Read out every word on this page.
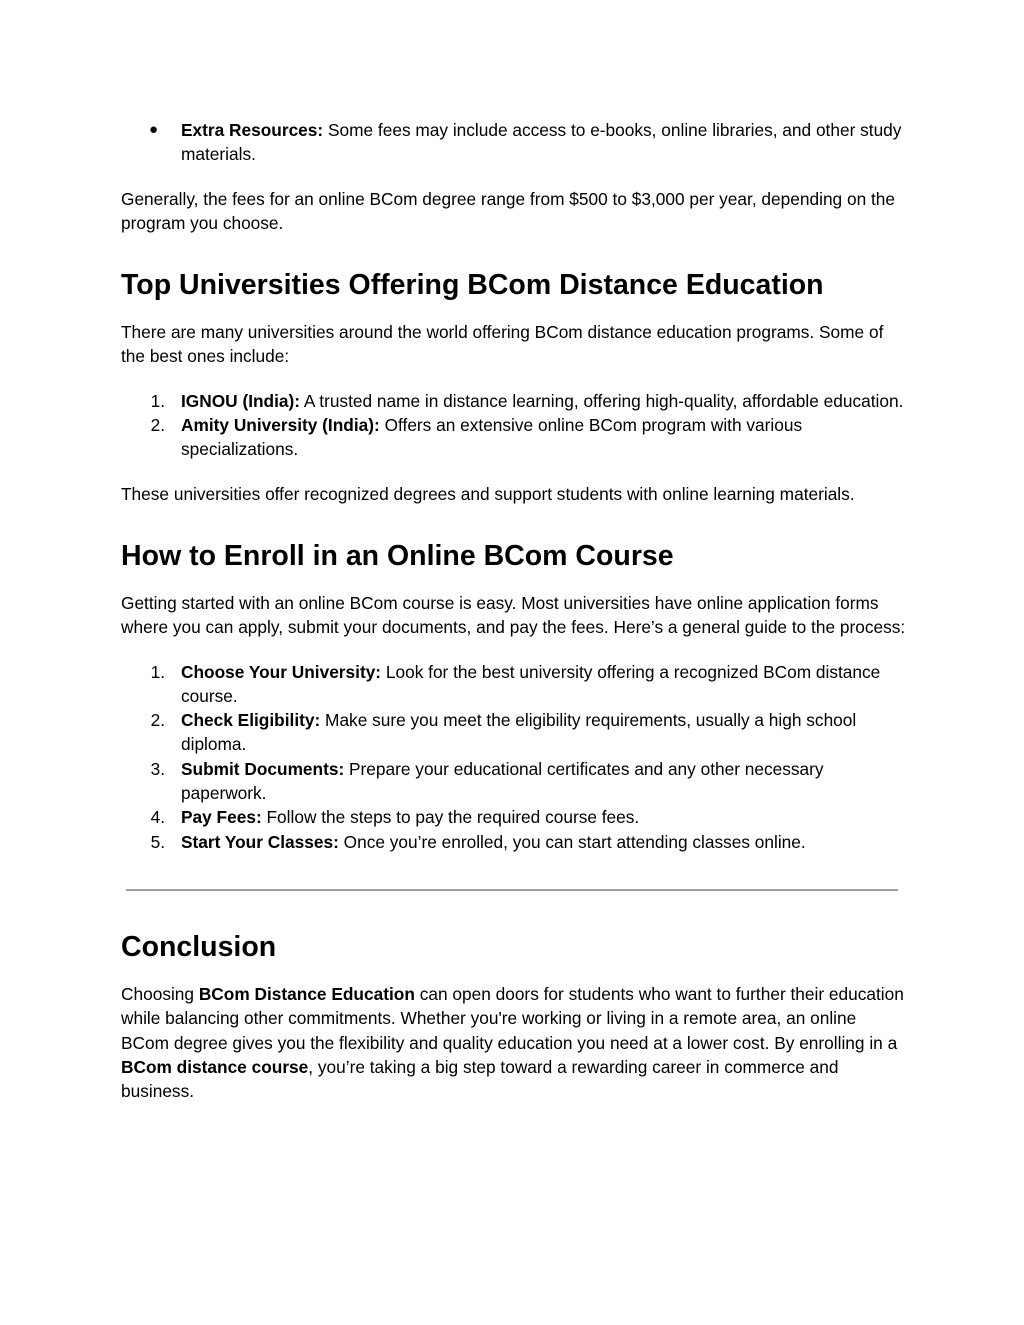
● Extra Resources: Some fees may include access to e-books, online libraries, and other study materials.

Generally, the fees for an online BCom degree range from $500 to $3,000 per year, depending on the program you choose.

Top Universities Offering BCom Distance Education

There are many universities around the world offering BCom distance education programs. Some of the best ones include:

1. IGNOU (India): A trusted name in distance learning, offering high-quality, affordable education.
2. Amity University (India): Offers an extensive online BCom program with various specializations.

These universities offer recognized degrees and support students with online learning materials.

How to Enroll in an Online BCom Course

Getting started with an online BCom course is easy. Most universities have online application forms where you can apply, submit your documents, and pay the fees. Here’s a general guide to the process:

1. Choose Your University: Look for the best university offering a recognized BCom distance course.
2. Check Eligibility: Make sure you meet the eligibility requirements, usually a high school diploma.
3. Submit Documents: Prepare your educational certificates and any other necessary paperwork.
4. Pay Fees: Follow the steps to pay the required course fees.
5. Start Your Classes: Once you’re enrolled, you can start attending classes online.
Conclusion

Choosing BCom Distance Education can open doors for students who want to further their education while balancing other commitments. Whether you're working or living in a remote area, an online BCom degree gives you the flexibility and quality education you need at a lower cost. By enrolling in a BCom distance course, you’re taking a big step toward a rewarding career in commerce and business.
